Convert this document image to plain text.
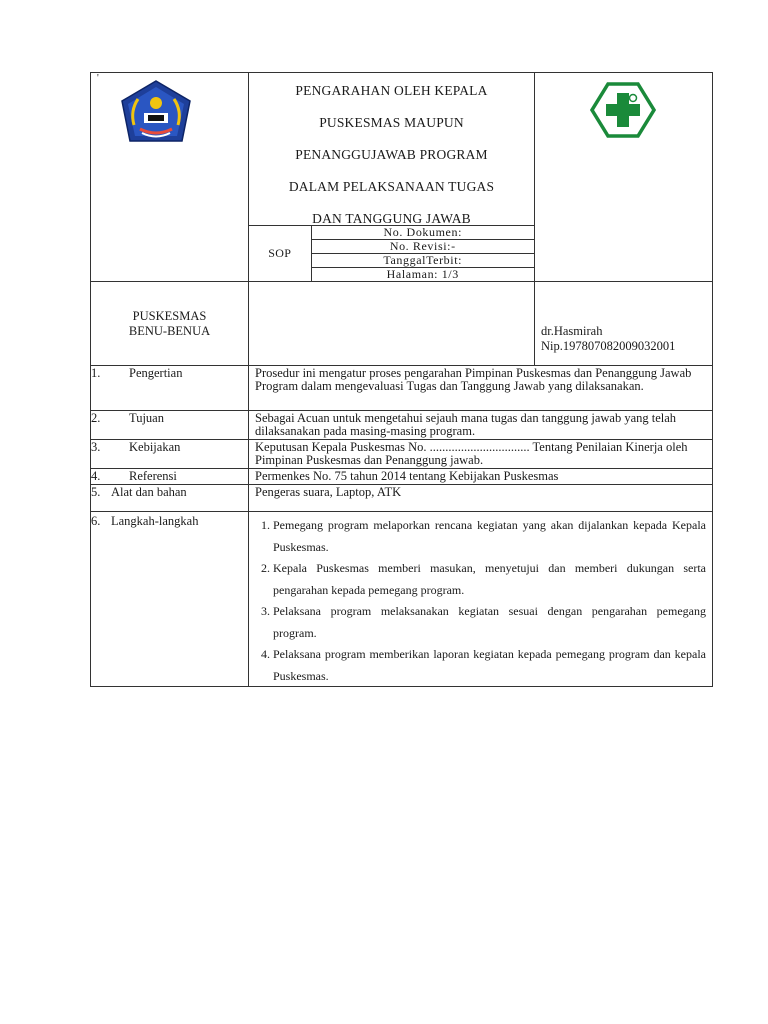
'

PENGARAHAN OLEH KEPALA
PUSKESMAS MAUPUN
PENANGGUJAWAB PROGRAM
DALAM PELAKSANAAN TUGAS
DAN TANGGUNG JAWAB
SOP	No. Dokumen:
No. Revisi:-
TanggalTerbit:
Halaman: 1/3

PUSKESMAS
BENU-BENUA		dr.Hasmirah
Nip.197807082009032001

1. Pengertian	Prosedur ini mengatur proses pengarahan Pimpinan Puskesmas dan Penanggung Jawab Program dalam mengevaluasi Tugas dan Tanggung Jawab yang dilaksanakan.

2. Tujuan	Sebagai Acuan untuk mengetahui sejauh mana tugas dan tanggung jawab yang telah dilaksanakan pada masing-masing program.

3. Kebijakan	Keputusan Kepala Puskesmas No. ................................ Tentang Penilaian Kinerja oleh Pimpinan Puskesmas dan Penanggung jawab.

4. Referensi	Permenkes No. 75 tahun 2014 tentang Kebijakan Puskesmas

5. Alat dan bahan	Pengeras suara, Laptop, ATK

6. Langkah-langkah	
1.Pemegang program melaporkan rencana kegiatan yang akan dijalankan kepada Kepala Puskesmas.
2. Kepala Puskesmas memberi masukan, menyetujui dan memberi dukungan serta pengarahan kepada pemegang program.
3. Pelaksana program melaksanakan kegiatan sesuai dengan pengarahan pemegang program.
4. Pelaksana program memberikan laporan kegiatan kepada pemegang program dan kepala Puskesmas.
